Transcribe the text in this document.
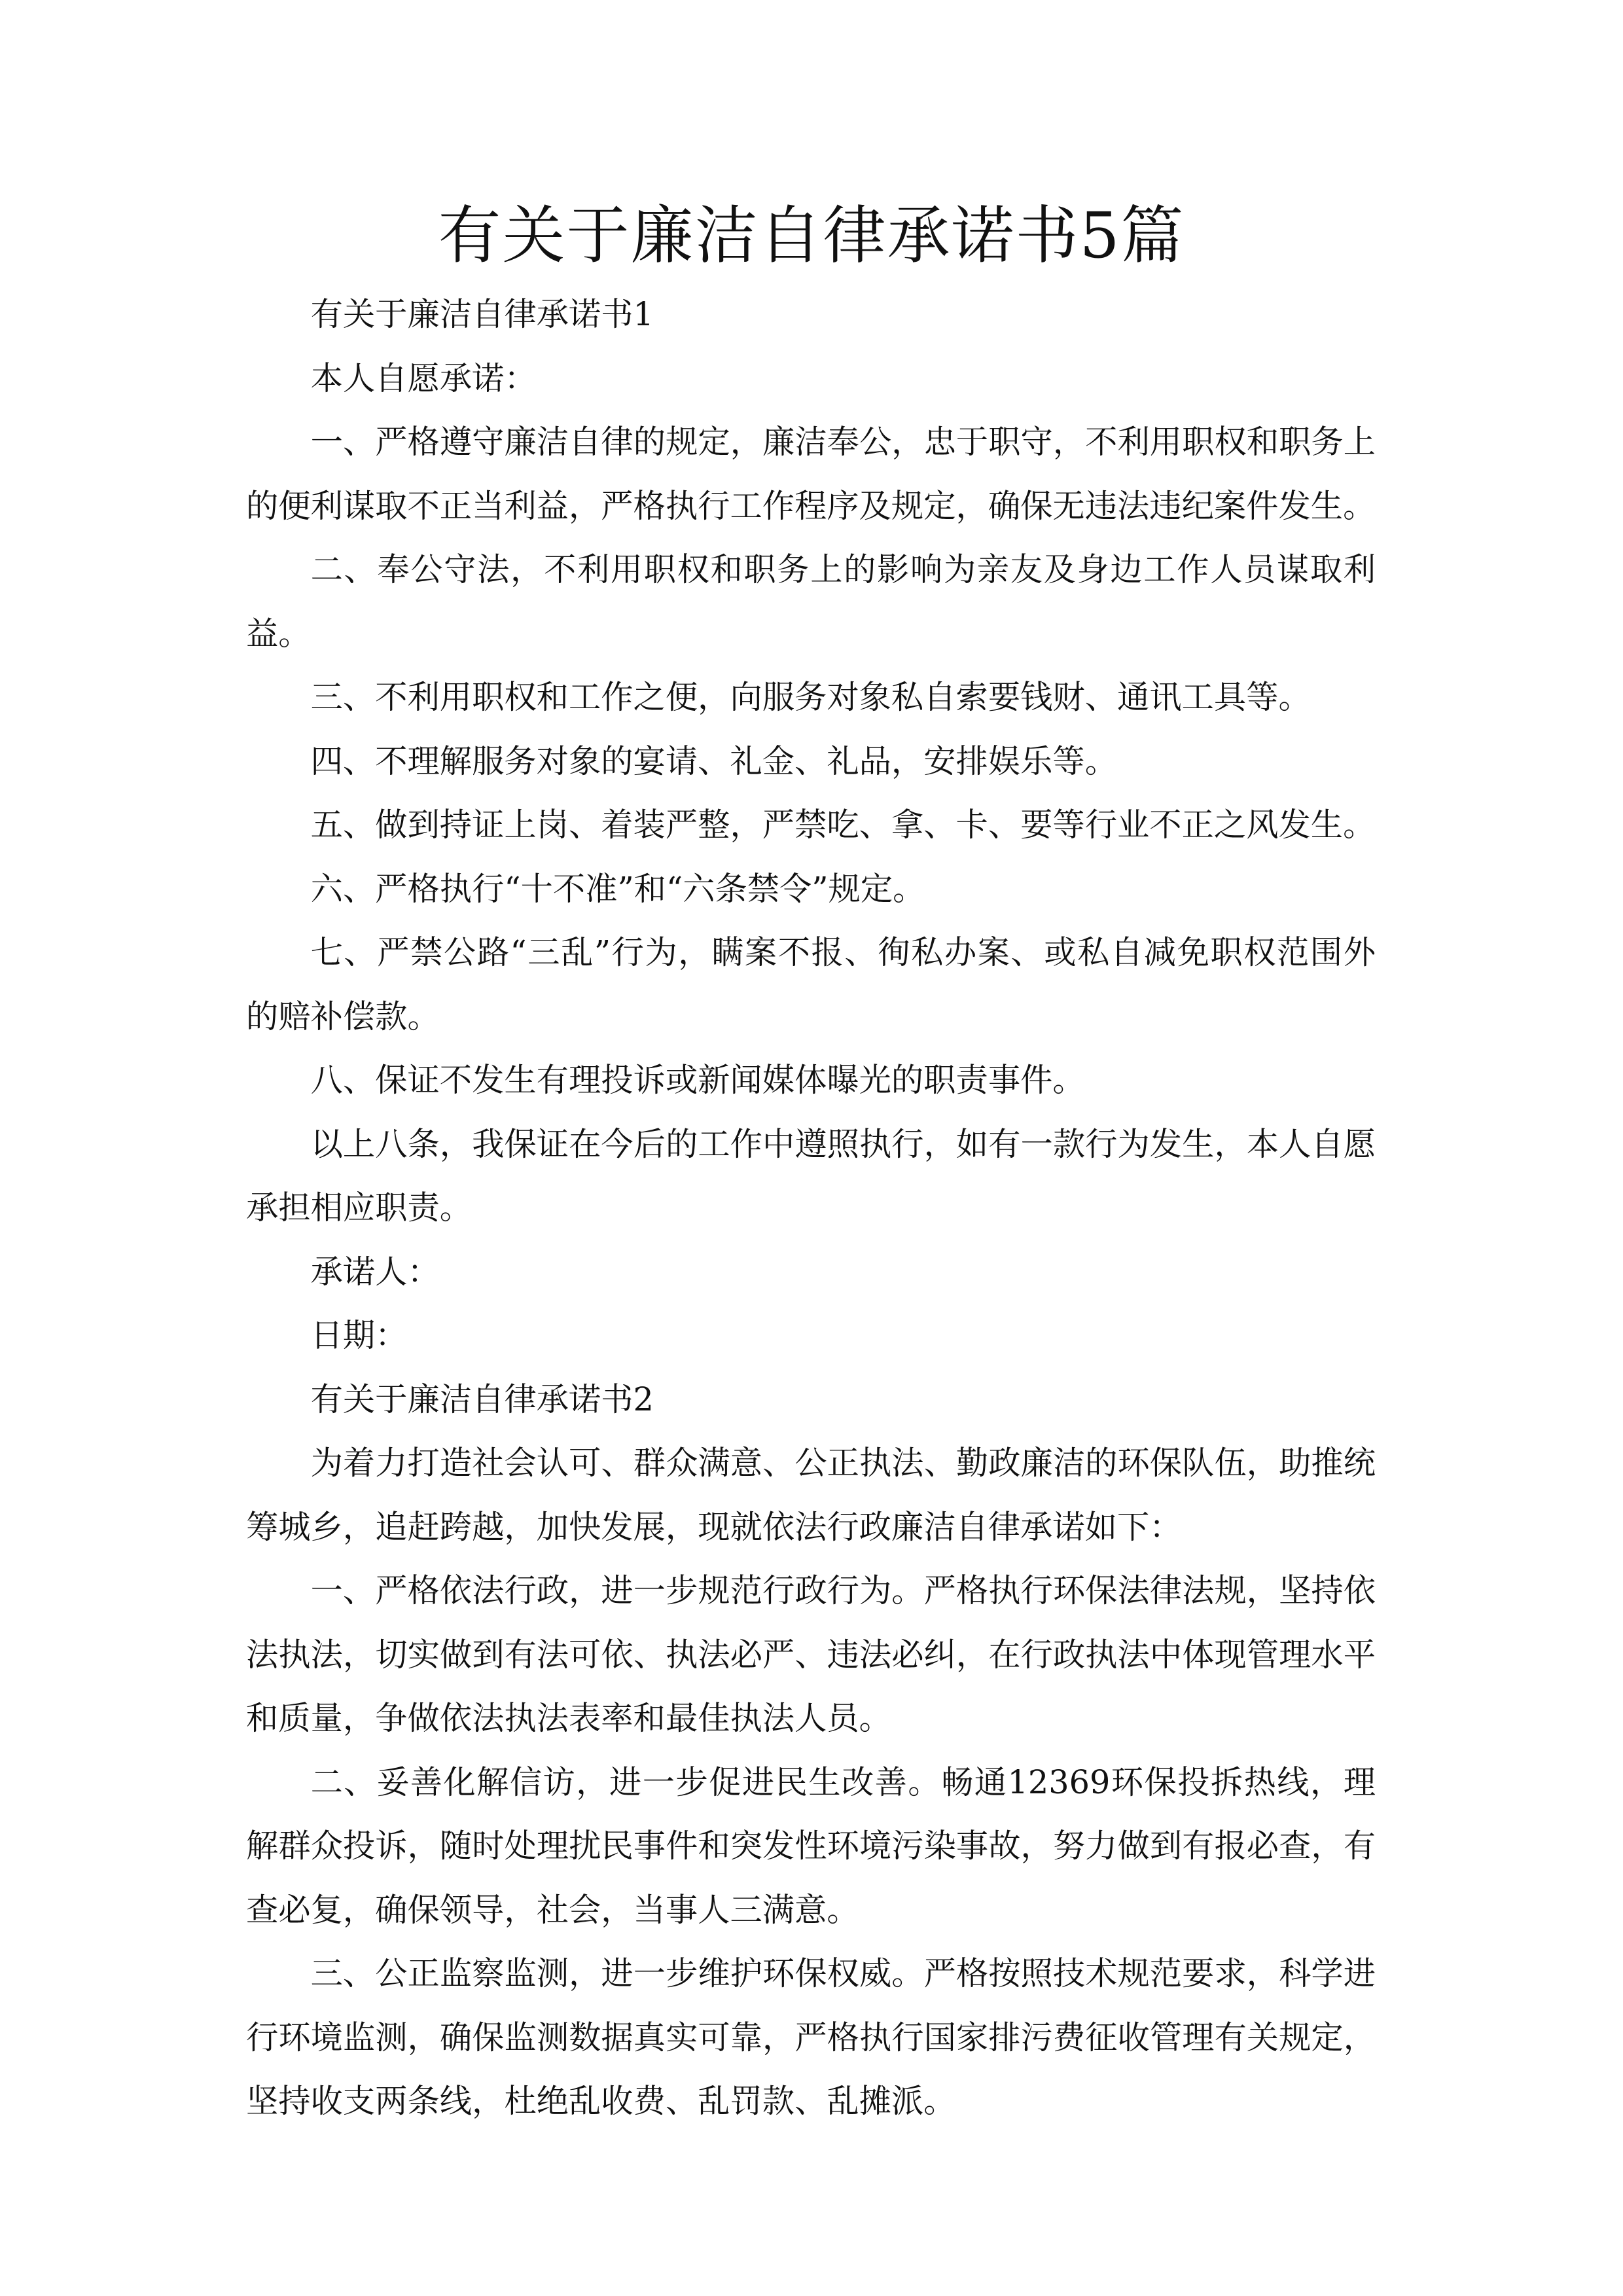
有关于廉洁自律承诺书5篇

有关于廉洁自律承诺书1

本人自愿承诺：

一、严格遵守廉洁自律的规定，廉洁奉公，忠于职守，不利用职权和职务上的便利谋取不正当利益，严格执行工作程序及规定，确保无违法违纪案件发生。

二、奉公守法，不利用职权和职务上的影响为亲友及身边工作人员谋取利益。

三、不利用职权和工作之便，向服务对象私自索要钱财、通讯工具等。

四、不理解服务对象的宴请、礼金、礼品，安排娱乐等。

五、做到持证上岗、着装严整，严禁吃、拿、卡、要等行业不正之风发生。

六、严格执行“十不准”和“六条禁令”规定。

七、严禁公路“三乱”行为，瞒案不报、徇私办案、或私自减免职权范围外的赔补偿款。

八、保证不发生有理投诉或新闻媒体曝光的职责事件。

以上八条，我保证在今后的工作中遵照执行，如有一款行为发生，本人自愿承担相应职责。

承诺人：

日期：

有关于廉洁自律承诺书2

为着力打造社会认可、群众满意、公正执法、勤政廉洁的环保队伍，助推统筹城乡，追赶跨越，加快发展，现就依法行政廉洁自律承诺如下：

一、严格依法行政，进一步规范行政行为。严格执行环保法律法规，坚持依法执法，切实做到有法可依、执法必严、违法必纠，在行政执法中体现管理水平和质量，争做依法执法表率和最佳执法人员。

二、妥善化解信访，进一步促进民生改善。畅通12369环保投拆热线，理解群众投诉，随时处理扰民事件和突发性环境污染事故，努力做到有报必查，有查必复，确保领导，社会，当事人三满意。

三、公正监察监测，进一步维护环保权威。严格按照技术规范要求，科学进行环境监测，确保监测数据真实可靠，严格执行国家排污费征收管理有关规定，坚持收支两条线，杜绝乱收费、乱罚款、乱摊派。
